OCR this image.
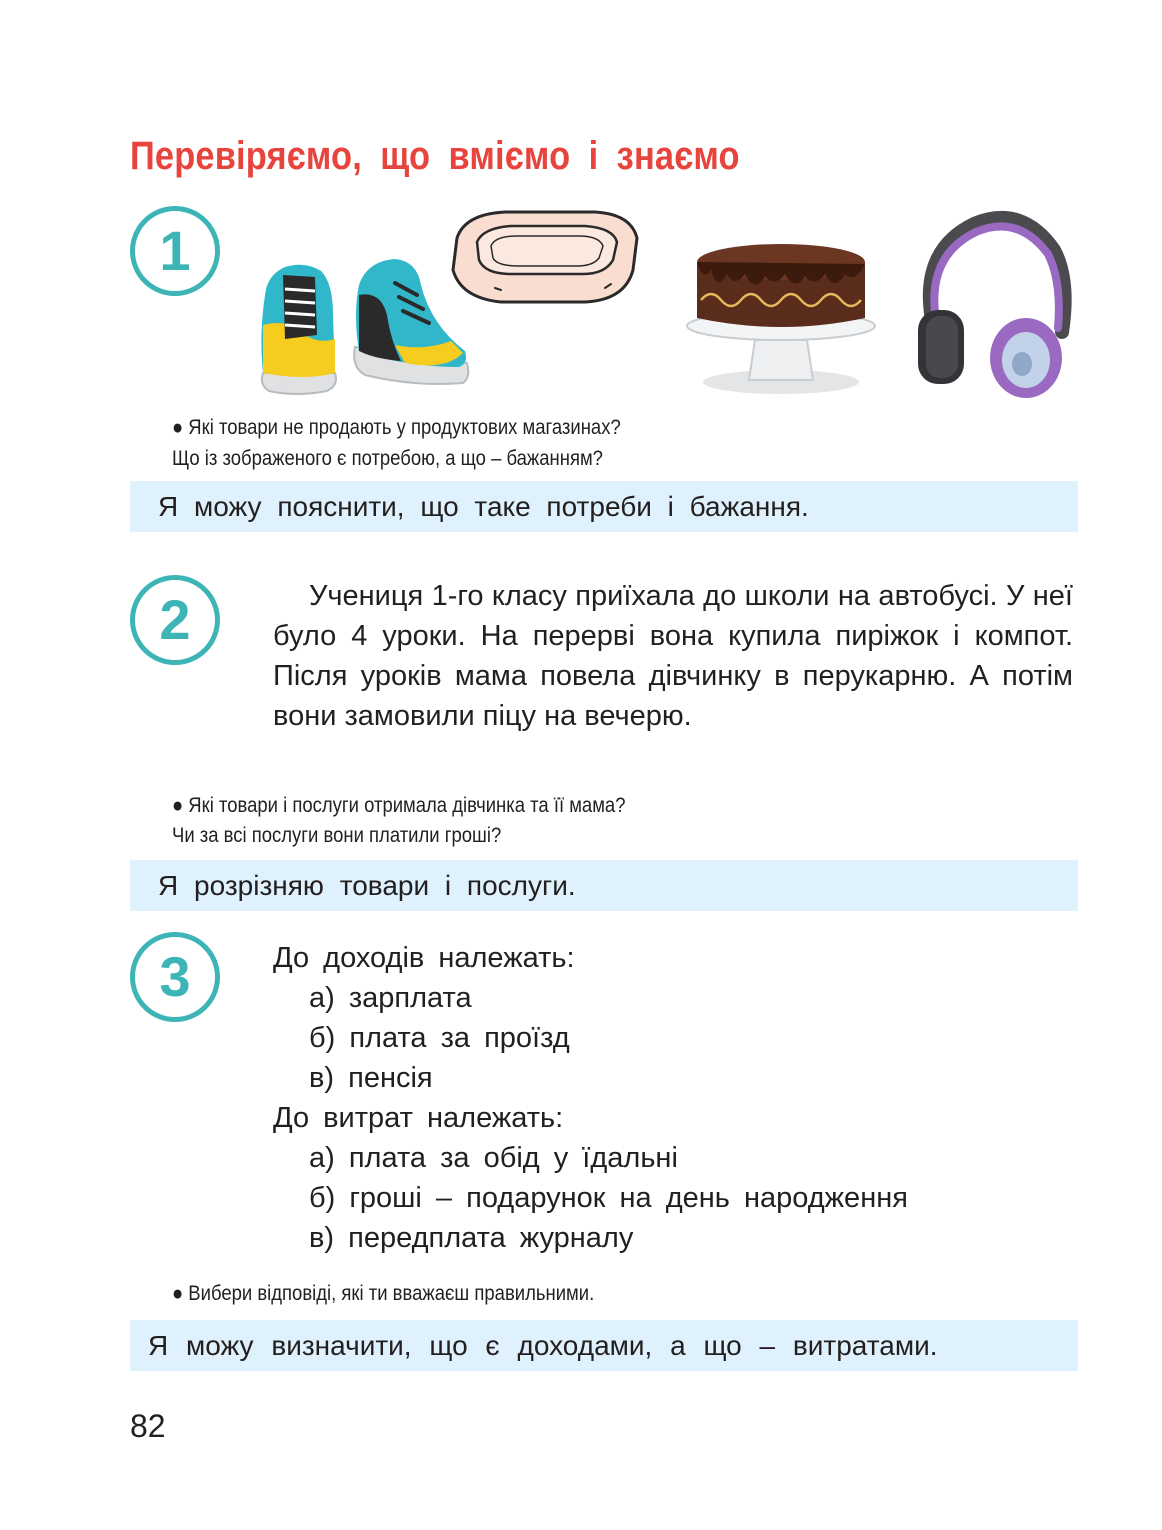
Перевіряємо, що вміємо і знаємо
1
● Які товари не продають у продуктових магазинах?
Що із зображеного є потребою, а що – бажанням?
Я можу пояснити, що таке потреби і бажання.
2	Учениця 1-го класу приїхала до школи на автобусі. У неї було 4 уроки. На перерві вона купила пиріжок і компот. Після уроків мама повела дівчинку в перукарню. А потім вони замовили піцу на вечерю.

● Які товари і послуги отримала дівчинка та її мама?
Чи за всі послуги вони платили гроші?
Я розрізняю товари і послуги.
3	До доходів належать:
а) зарплата
б) плата за проїзд
в) пенсія
До витрат належать:
а) плата за обід у їдальні
б) гроші – подарунок на день народження
в) передплата журналу
● Вибери відповіді, які ти вважаєш правильними.
Я можу визначити, що є доходами, а що – витратами.
82
